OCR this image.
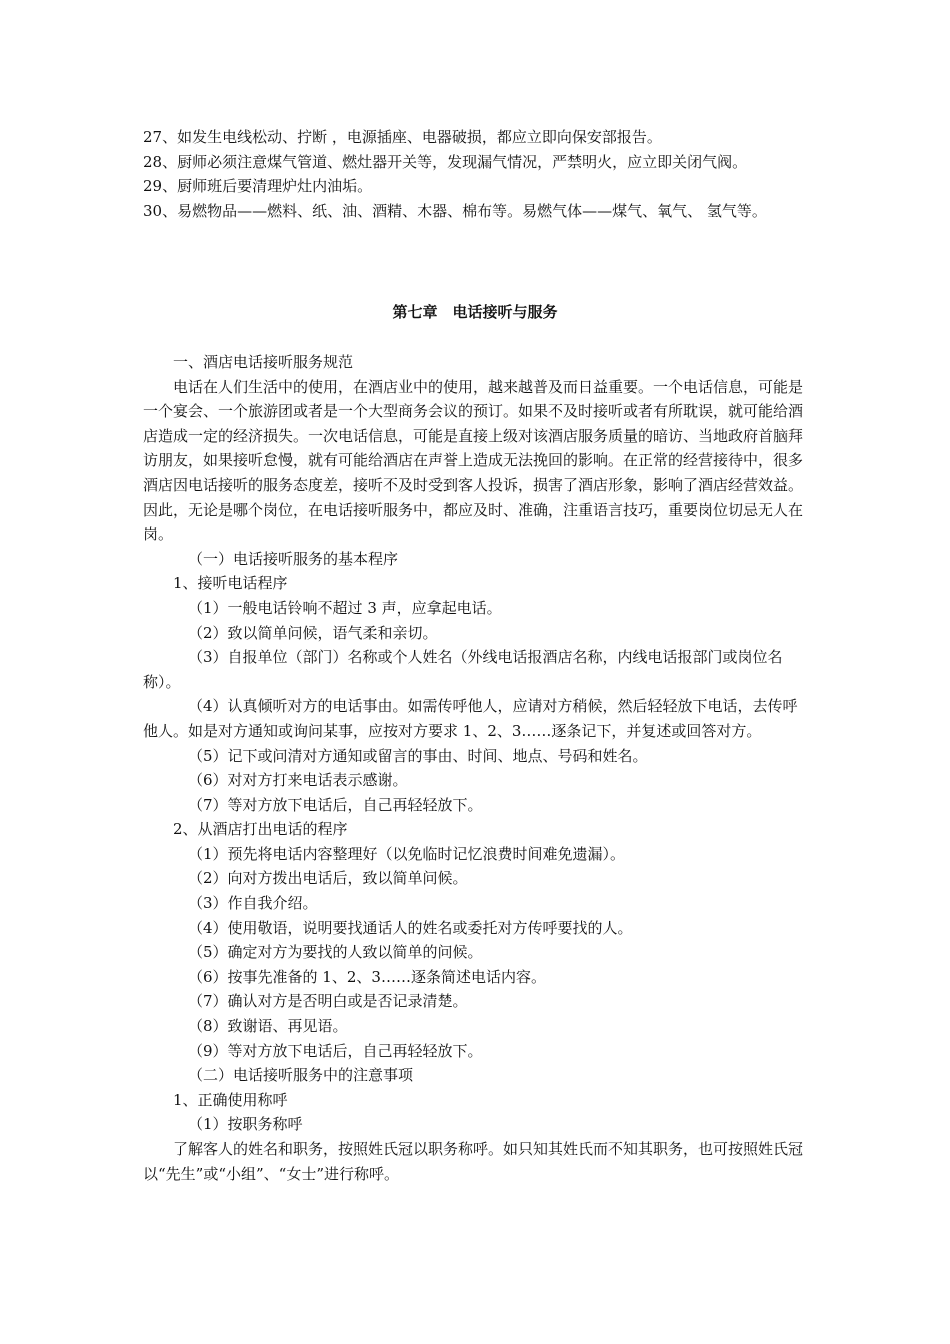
27、如发生电线松动、拧断 ，电源插座、电器破损，都应立即向保安部报告。

28、厨师必须注意煤气管道、燃灶器开关等，发现漏气情况，严禁明火，应立即关闭气阀。

29、厨师班后要清理炉灶内油垢。

30、易燃物品——燃料、纸、油、酒精、木器、棉布等。易燃气体——煤气、氧气、 氢气等。

第七章　电话接听与服务

一、酒店电话接听服务规范

电话在人们生活中的使用，在酒店业中的使用，越来越普及而日益重要。一个电话信息，可能是一个宴会、一个旅游团或者是一个大型商务会议的预订。如果不及时接听或者有所耽误，就可能给酒店造成一定的经济损失。一次电话信息，可能是直接上级对该酒店服务质量的暗访、当地政府首脑拜访朋友，如果接听怠慢，就有可能给酒店在声誉上造成无法挽回的影响。在正常的经营接待中，很多酒店因电话接听的服务态度差，接听不及时受到客人投诉，损害了酒店形象，影响了酒店经营效益。因此，无论是哪个岗位，在电话接听服务中，都应及时、准确，注重语言技巧，重要岗位切忌无人在岗。

（一）电话接听服务的基本程序

1、接听电话程序

（1）一般电话铃响不超过 3 声，应拿起电话。

（2）致以简单问候，语气柔和亲切。

（3）自报单位（部门）名称或个人姓名（外线电话报酒店名称，内线电话报部门或岗位名称）。

（4）认真倾听对方的电话事由。如需传呼他人，应请对方稍候，然后轻轻放下电话，去传呼他人。如是对方通知或询问某事，应按对方要求 1、2、3……逐条记下，并复述或回答对方。

（5）记下或问清对方通知或留言的事由、时间、地点、号码和姓名。

（6）对对方打来电话表示感谢。

（7）等对方放下电话后，自己再轻轻放下。

2、从酒店打出电话的程序

（1）预先将电话内容整理好（以免临时记忆浪费时间难免遗漏）。

（2）向对方拨出电话后，致以简单问候。

（3）作自我介绍。

（4）使用敬语，说明要找通话人的姓名或委托对方传呼要找的人。

（5）确定对方为要找的人致以简单的问候。

（6）按事先准备的 1、2、3……逐条简述电话内容。

（7）确认对方是否明白或是否记录清楚。

（8）致谢语、再见语。

（9）等对方放下电话后，自己再轻轻放下。

（二）电话接听服务中的注意事项

1、正确使用称呼

（1）按职务称呼

了解客人的姓名和职务，按照姓氏冠以职务称呼。如只知其姓氏而不知其职务，也可按照姓氏冠以“先生”或“小组”、“女士”进行称呼。
